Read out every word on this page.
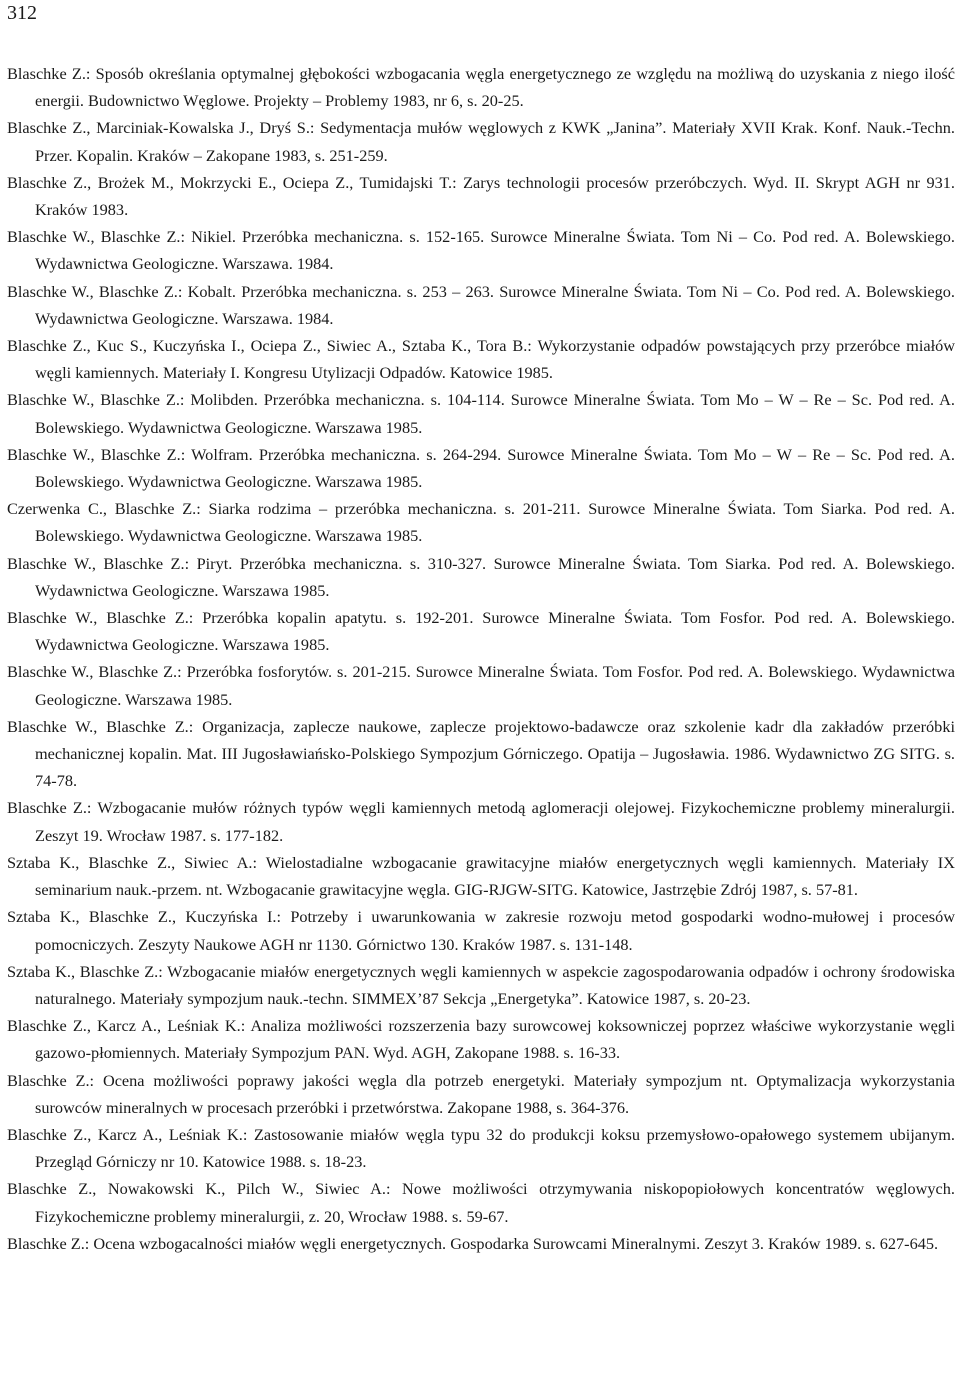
312
Blaschke Z.: Sposób określania optymalnej głębokości wzbogacania węgla energetycznego ze względu na możliwą do uzyskania z niego ilość energii. Budownictwo Węglowe. Projekty – Problemy 1983, nr 6, s. 20-25.
Blaschke Z., Marciniak-Kowalska J., Dryś S.: Sedymentacja mułów węglowych z KWK „Janina”. Materiały XVII Krak. Konf. Nauk.-Techn. Przer. Kopalin. Kraków – Zakopane 1983, s. 251-259.
Blaschke Z., Brożek M., Mokrzycki E., Ociepa Z., Tumidajski T.: Zarys technologii procesów przeróbczych. Wyd. II. Skrypt AGH nr 931. Kraków 1983.
Blaschke W., Blaschke Z.: Nikiel. Przeróbka mechaniczna. s. 152-165. Surowce Mineralne Świata. Tom Ni – Co. Pod red. A. Bolewskiego. Wydawnictwa Geologiczne. Warszawa. 1984.
Blaschke W., Blaschke Z.: Kobalt. Przeróbka mechaniczna. s. 253 – 263. Surowce Mineralne Świata. Tom Ni – Co. Pod red. A. Bolewskiego. Wydawnictwa Geologiczne. Warszawa. 1984.
Blaschke Z., Kuc S., Kuczyńska I., Ociepa Z., Siwiec A., Sztaba K., Tora B.: Wykorzystanie odpadów powstających przy przeróbce miałów węgli kamiennych. Materiały I. Kongresu Utylizacji Odpadów. Katowice 1985.
Blaschke W., Blaschke Z.: Molibden. Przeróbka mechaniczna. s. 104-114. Surowce Mineralne Świata. Tom Mo – W – Re – Sc. Pod red. A. Bolewskiego. Wydawnictwa Geologiczne. Warszawa 1985.
Blaschke W., Blaschke Z.: Wolfram. Przeróbka mechaniczna. s. 264-294. Surowce Mineralne Świata. Tom Mo – W – Re – Sc. Pod red. A. Bolewskiego. Wydawnictwa Geologiczne. Warszawa 1985.
Czerwenka C., Blaschke Z.: Siarka rodzima – przeróbka mechaniczna. s. 201-211. Surowce Mineralne Świata. Tom Siarka. Pod red. A. Bolewskiego. Wydawnictwa Geologiczne. Warszawa 1985.
Blaschke W., Blaschke Z.: Piryt. Przeróbka mechaniczna. s. 310-327. Surowce Mineralne Świata. Tom Siarka. Pod red. A. Bolewskiego. Wydawnictwa Geologiczne. Warszawa 1985.
Blaschke W., Blaschke Z.: Przeróbka kopalin apatytu. s. 192-201. Surowce Mineralne Świata. Tom Fosfor. Pod red. A. Bolewskiego. Wydawnictwa Geologiczne. Warszawa 1985.
Blaschke W., Blaschke Z.: Przeróbka fosforytów. s. 201-215. Surowce Mineralne Świata. Tom Fosfor. Pod red. A. Bolewskiego. Wydawnictwa Geologiczne. Warszawa 1985.
Blaschke W., Blaschke Z.: Organizacja, zaplecze naukowe, zaplecze projektowo-badawcze oraz szkolenie kadr dla zakładów przeróbki mechanicznej kopalin. Mat. III Jugosławiańsko-Polskiego Sympozjum Górniczego. Opatija – Jugosławia. 1986. Wydawnictwo ZG SITG. s. 74-78.
Blaschke Z.: Wzbogacanie mułów różnych typów węgli kamiennych metodą aglomeracji olejowej. Fizykochemiczne problemy mineralurgii. Zeszyt 19. Wrocław 1987. s. 177-182.
Sztaba K., Blaschke Z., Siwiec A.: Wielostadialne wzbogacanie grawitacyjne miałów energetycznych węgli kamiennych. Materiały IX seminarium nauk.-przem. nt. Wzbogacanie grawitacyjne węgla. GIG-RJGW-SITG. Katowice, Jastrzębie Zdrój 1987, s. 57-81.
Sztaba K., Blaschke Z., Kuczyńska I.: Potrzeby i uwarunkowania w zakresie rozwoju metod gospodarki wodno-mułowej i procesów pomocniczych. Zeszyty Naukowe AGH nr 1130. Górnictwo 130. Kraków 1987. s. 131-148.
Sztaba K., Blaschke Z.: Wzbogacanie miałów energetycznych węgli kamiennych w aspekcie zagospodarowania odpadów i ochrony środowiska naturalnego. Materiały sympozjum nauk.-techn. SIMMEX’87 Sekcja „Energetyka”. Katowice 1987, s. 20-23.
Blaschke Z., Karcz A., Leśniak K.: Analiza możliwości rozszerzenia bazy surowcowej koksowniczej poprzez właściwe wykorzystanie węgli gazowo-płomiennych. Materiały Sympozjum PAN. Wyd. AGH, Zakopane 1988. s. 16-33.
Blaschke Z.: Ocena możliwości poprawy jakości węgla dla potrzeb energetyki. Materiały sympozjum nt. Optymalizacja wykorzystania surowców mineralnych w procesach przeróbki i przetwórstwa. Zakopane 1988, s. 364-376.
Blaschke Z., Karcz A., Leśniak K.: Zastosowanie miałów węgla typu 32 do produkcji koksu przemysłowo-opałowego systemem ubijanym. Przegląd Górniczy nr 10. Katowice 1988. s. 18-23.
Blaschke Z., Nowakowski K., Pilch W., Siwiec A.: Nowe możliwości otrzymywania niskopopiołowych koncentratów węglowych. Fizykochemiczne problemy mineralurgii, z. 20, Wrocław 1988. s. 59-67.
Blaschke Z.: Ocena wzbogacalności miałów węgli energetycznych. Gospodarka Surowcami Mineralnymi. Zeszyt 3. Kraków 1989. s. 627-645.
